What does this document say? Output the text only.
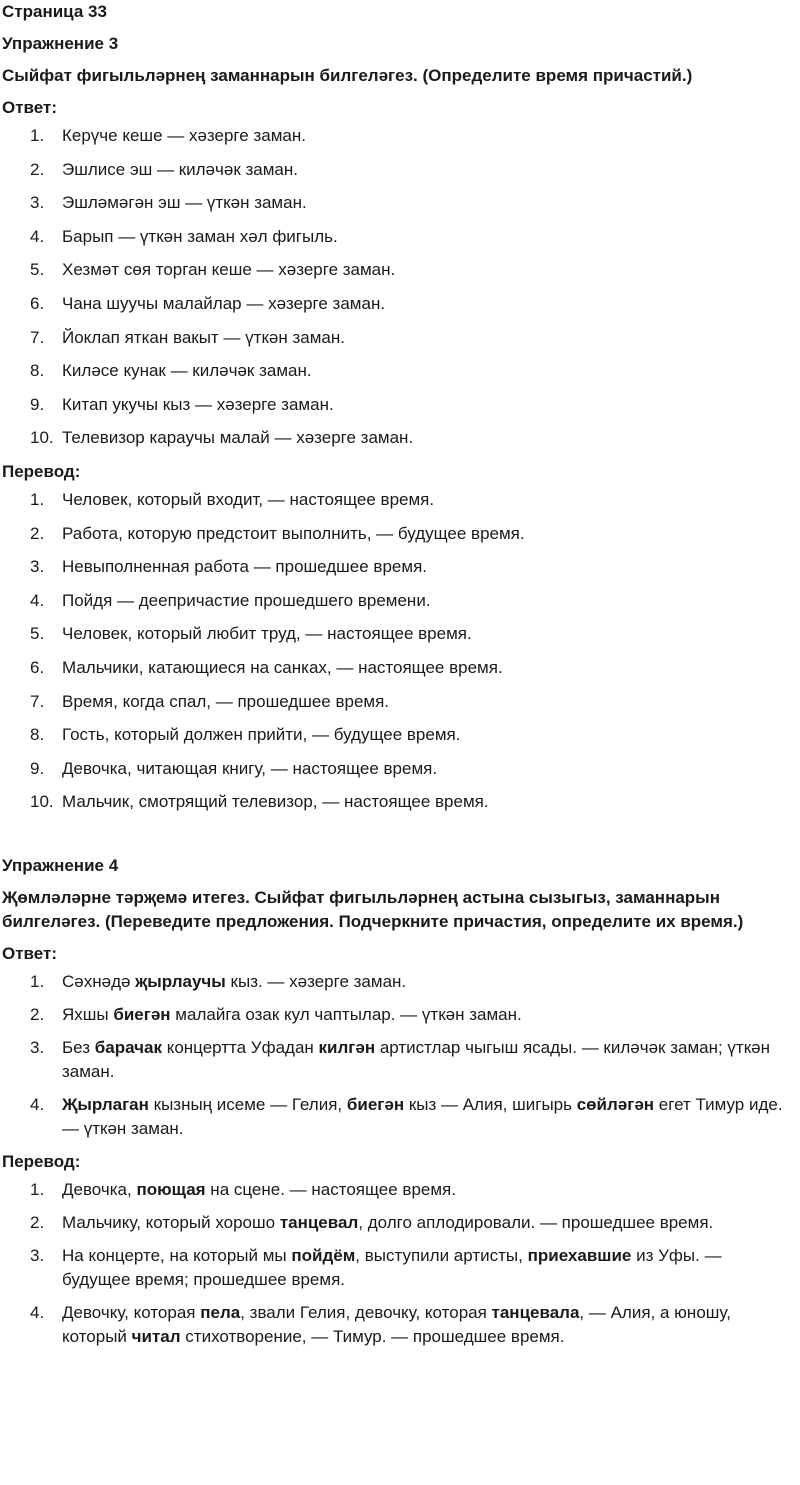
Страница 33
Упражнение 3
Сыйфат фигыльләрнең заманнарын билгеләгез. (Определите время причастий.)
Ответ:
1. Керүче кеше — хәзерге заман.
2. Эшлисе эш — киләчәк заман.
3. Эшләмәгән эш — үткән заман.
4. Барып — үткән заман хәл фигыль.
5. Хезмәт сөя торган кеше — хәзерге заман.
6. Чана шуучы малайлар — хәзерге заман.
7. Йоклап яткан вакыт — үткән заман.
8. Киләсе кунак — киләчәк заман.
9. Китап укучы кыз — хәзерге заман.
10. Телевизор караучы малай — хәзерге заман.
Перевод:
1. Человек, который входит, — настоящее время.
2. Работа, которую предстоит выполнить, — будущее время.
3. Невыполненная работа — прошедшее время.
4. Пойдя — деепричастие прошедшего времени.
5. Человек, который любит труд, — настоящее время.
6. Мальчики, катающиеся на санках, — настоящее время.
7. Время, когда спал, — прошедшее время.
8. Гость, который должен прийти, — будущее время.
9. Девочка, читающая книгу, — настоящее время.
10. Мальчик, смотрящий телевизор, — настоящее время.
Упражнение 4
Җөмләләрне тәрҗемә итегез. Сыйфат фигыльләрнең астына сызыгыз, заманнарын билгеләгез. (Переведите предложения. Подчеркните причастия, определите их время.)
Ответ:
1. Сәхнәдә җырлаучы кыз. — хәзерге заман.
2. Яхшы биегән малайга озак кул чаптылар. — үткән заман.
3. Без барачак концертта Уфадан килгән артистлар чыгыш ясады. — киләчәк заман; үткән заман.
4. Җырлаган кызның исеме — Гелия, биегән кыз — Алия, шигырь сөйләгән егет Тимур иде. — үткән заман.
Перевод:
1. Девочка, поющая на сцене. — настоящее время.
2. Мальчику, который хорошо танцевал, долго аплодировали. — прошедшее время.
3. На концерте, на который мы пойдём, выступили артисты, приехавшие из Уфы. — будущее время; прошедшее время.
4. Девочку, которая пела, звали Гелия, девочку, которая танцевала, — Алия, а юношу, который читал стихотворение, — Тимур. — прошедшее время.
